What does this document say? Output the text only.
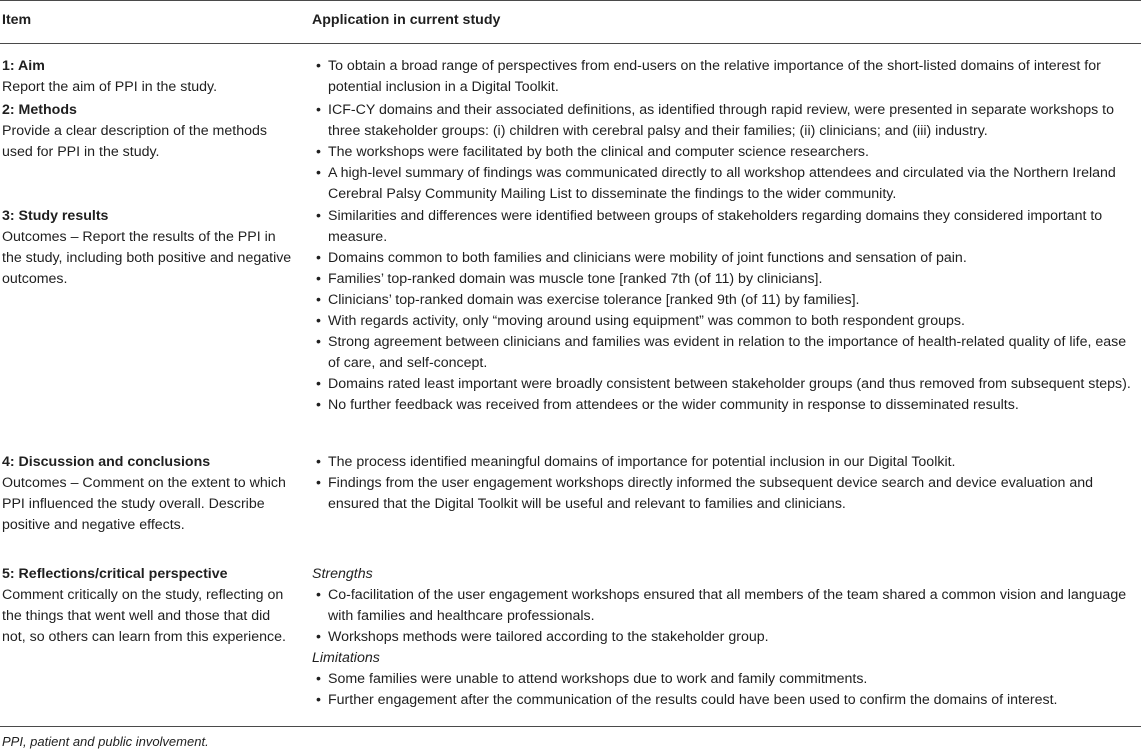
Item	Application in current study
1: Aim
Report the aim of PPI in the study.
• To obtain a broad range of perspectives from end-users on the relative importance of the short-listed domains of interest for potential inclusion in a Digital Toolkit.
2: Methods
Provide a clear description of the methods used for PPI in the study.
• ICF-CY domains and their associated definitions, as identified through rapid review, were presented in separate workshops to three stakeholder groups: (i) children with cerebral palsy and their families; (ii) clinicians; and (iii) industry.
• The workshops were facilitated by both the clinical and computer science researchers.
• A high-level summary of findings was communicated directly to all workshop attendees and circulated via the Northern Ireland Cerebral Palsy Community Mailing List to disseminate the findings to the wider community.
3: Study results
Outcomes – Report the results of the PPI in the study, including both positive and negative outcomes.
• Similarities and differences were identified between groups of stakeholders regarding domains they considered important to measure.
• Domains common to both families and clinicians were mobility of joint functions and sensation of pain.
• Families’ top-ranked domain was muscle tone [ranked 7th (of 11) by clinicians].
• Clinicians’ top-ranked domain was exercise tolerance [ranked 9th (of 11) by families].
• With regards activity, only “moving around using equipment” was common to both respondent groups.
• Strong agreement between clinicians and families was evident in relation to the importance of health-related quality of life, ease of care, and self-concept.
• Domains rated least important were broadly consistent between stakeholder groups (and thus removed from subsequent steps).
• No further feedback was received from attendees or the wider community in response to disseminated results.
4: Discussion and conclusions
Outcomes – Comment on the extent to which PPI influenced the study overall. Describe positive and negative effects.
• The process identified meaningful domains of importance for potential inclusion in our Digital Toolkit.
• Findings from the user engagement workshops directly informed the subsequent device search and device evaluation and ensured that the Digital Toolkit will be useful and relevant to families and clinicians.
5: Reflections/critical perspective
Comment critically on the study, reflecting on the things that went well and those that did not, so others can learn from this experience.
Strengths
• Co-facilitation of the user engagement workshops ensured that all members of the team shared a common vision and language with families and healthcare professionals.
• Workshops methods were tailored according to the stakeholder group.
Limitations
• Some families were unable to attend workshops due to work and family commitments.
• Further engagement after the communication of the results could have been used to confirm the domains of interest.
PPI, patient and public involvement.
